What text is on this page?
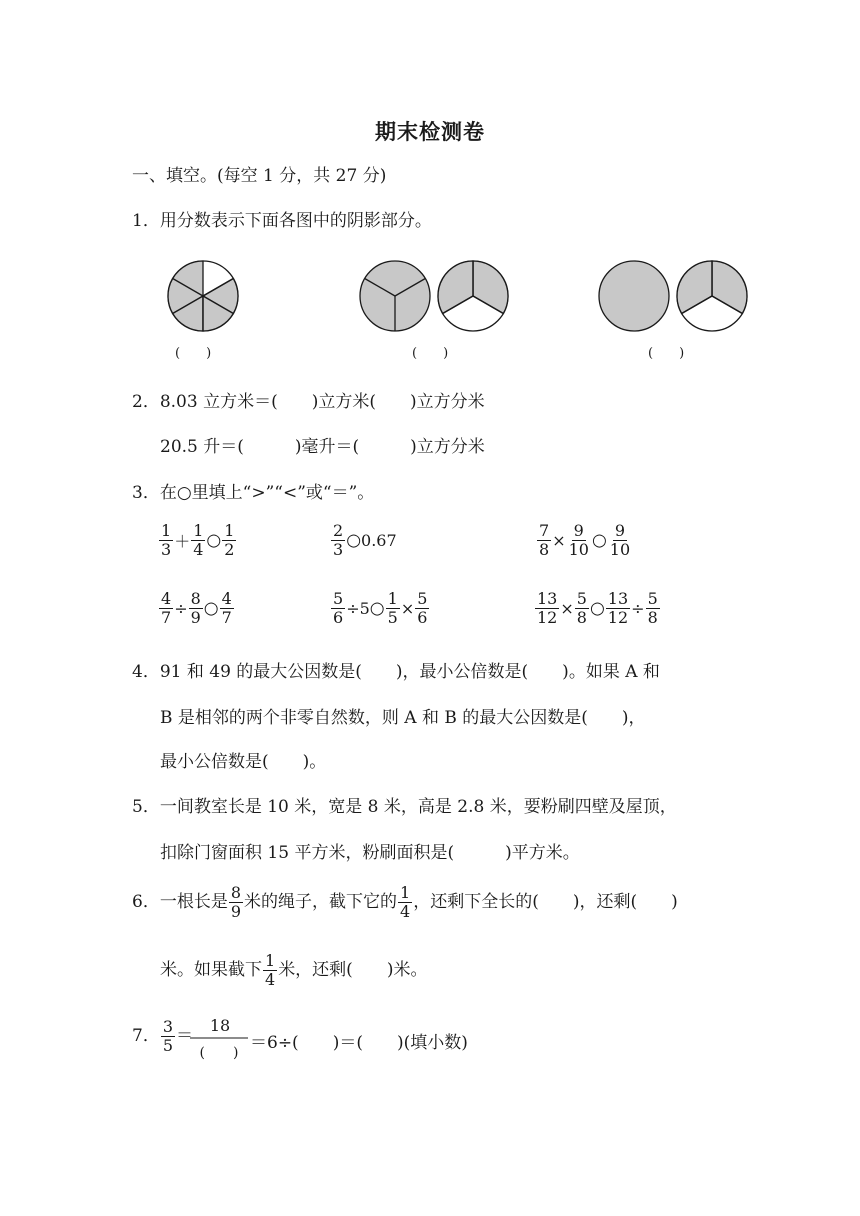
期末检测卷
一、填空。(每空 1 分，共 27 分)
1．用分数表示下面各图中的阴影部分。
(　　)	(　　)	(　　)
2．8.03 立方米＝(　　)立方米(　　)立方分米
20.5 升＝(　　　)毫升＝(　　　)立方分米
3．在○里填上“>”“<”或“＝”。
$\frac{1}{3} + \frac{1}{4}$ ○ $\frac{1}{2}$	$\frac{2}{3}$ ○0.67	$\frac{7}{8} \times \frac{9}{10}$ ○ $\frac{9}{10}$
$\frac{4}{7} \div \frac{8}{9}$ ○ $\frac{4}{7}$	$\frac{5}{6}$ ÷5○ $\frac{1}{5} \times \frac{5}{6}$	$\frac{13}{12} \times \frac{5}{8}$ ○ $\frac{13}{12} \div \frac{5}{8}$
4．91 和 49 的最大公因数是(　　)，最小公倍数是(　　)。如果 A 和
B 是相邻的两个非零自然数，则 A 和 B 的最大公因数是(　　)，
最小公倍数是(　　)。
5．一间教室长是 10 米，宽是 8 米，高是 2.8 米，要粉刷四壁及屋顶，
扣除门窗面积 15 平方米，粉刷面积是(　　　)平方米。
6．一根长是 $\frac{8}{9}$ 米的绳子，截下它的 $\frac{1}{4}$ ，还剩下全长的(　　)，还剩(　　)
米。如果截下 $\frac{1}{4}$ 米，还剩(　　)米。
7． $\frac{3}{5}$ ＝
18
(　　) ＝6÷(　　)＝(　　)(填小数)
